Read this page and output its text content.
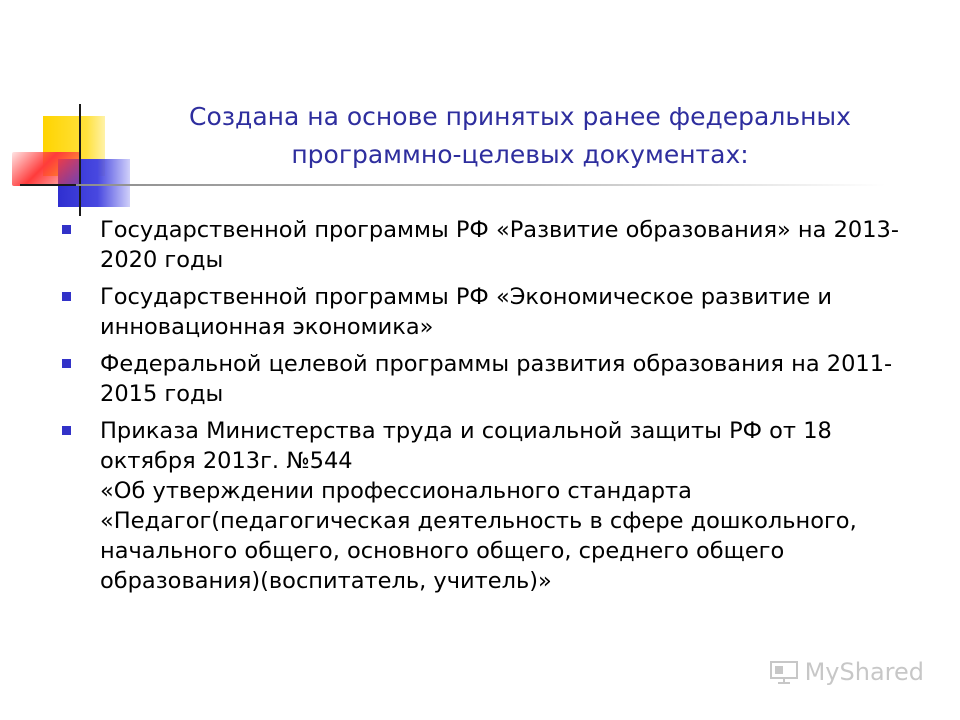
Создана на основе принятых ранее федеральных программно-целевых документах:
Государственной программы РФ «Развитие образования» на 2013-2020 годы
Государственной программы РФ «Экономическое развитие и инновационная экономика»
Федеральной целевой программы развития образования на 2011-2015 годы
Приказа Министерства труда и социальной защиты РФ от 18 октября 2013г. №544
«Об утверждении профессионального стандарта «Педагог(педагогическая деятельность в сфере дошкольного, начального общего, основного общего, среднего общего образования)(воспитатель, учитель)»
MyShared
